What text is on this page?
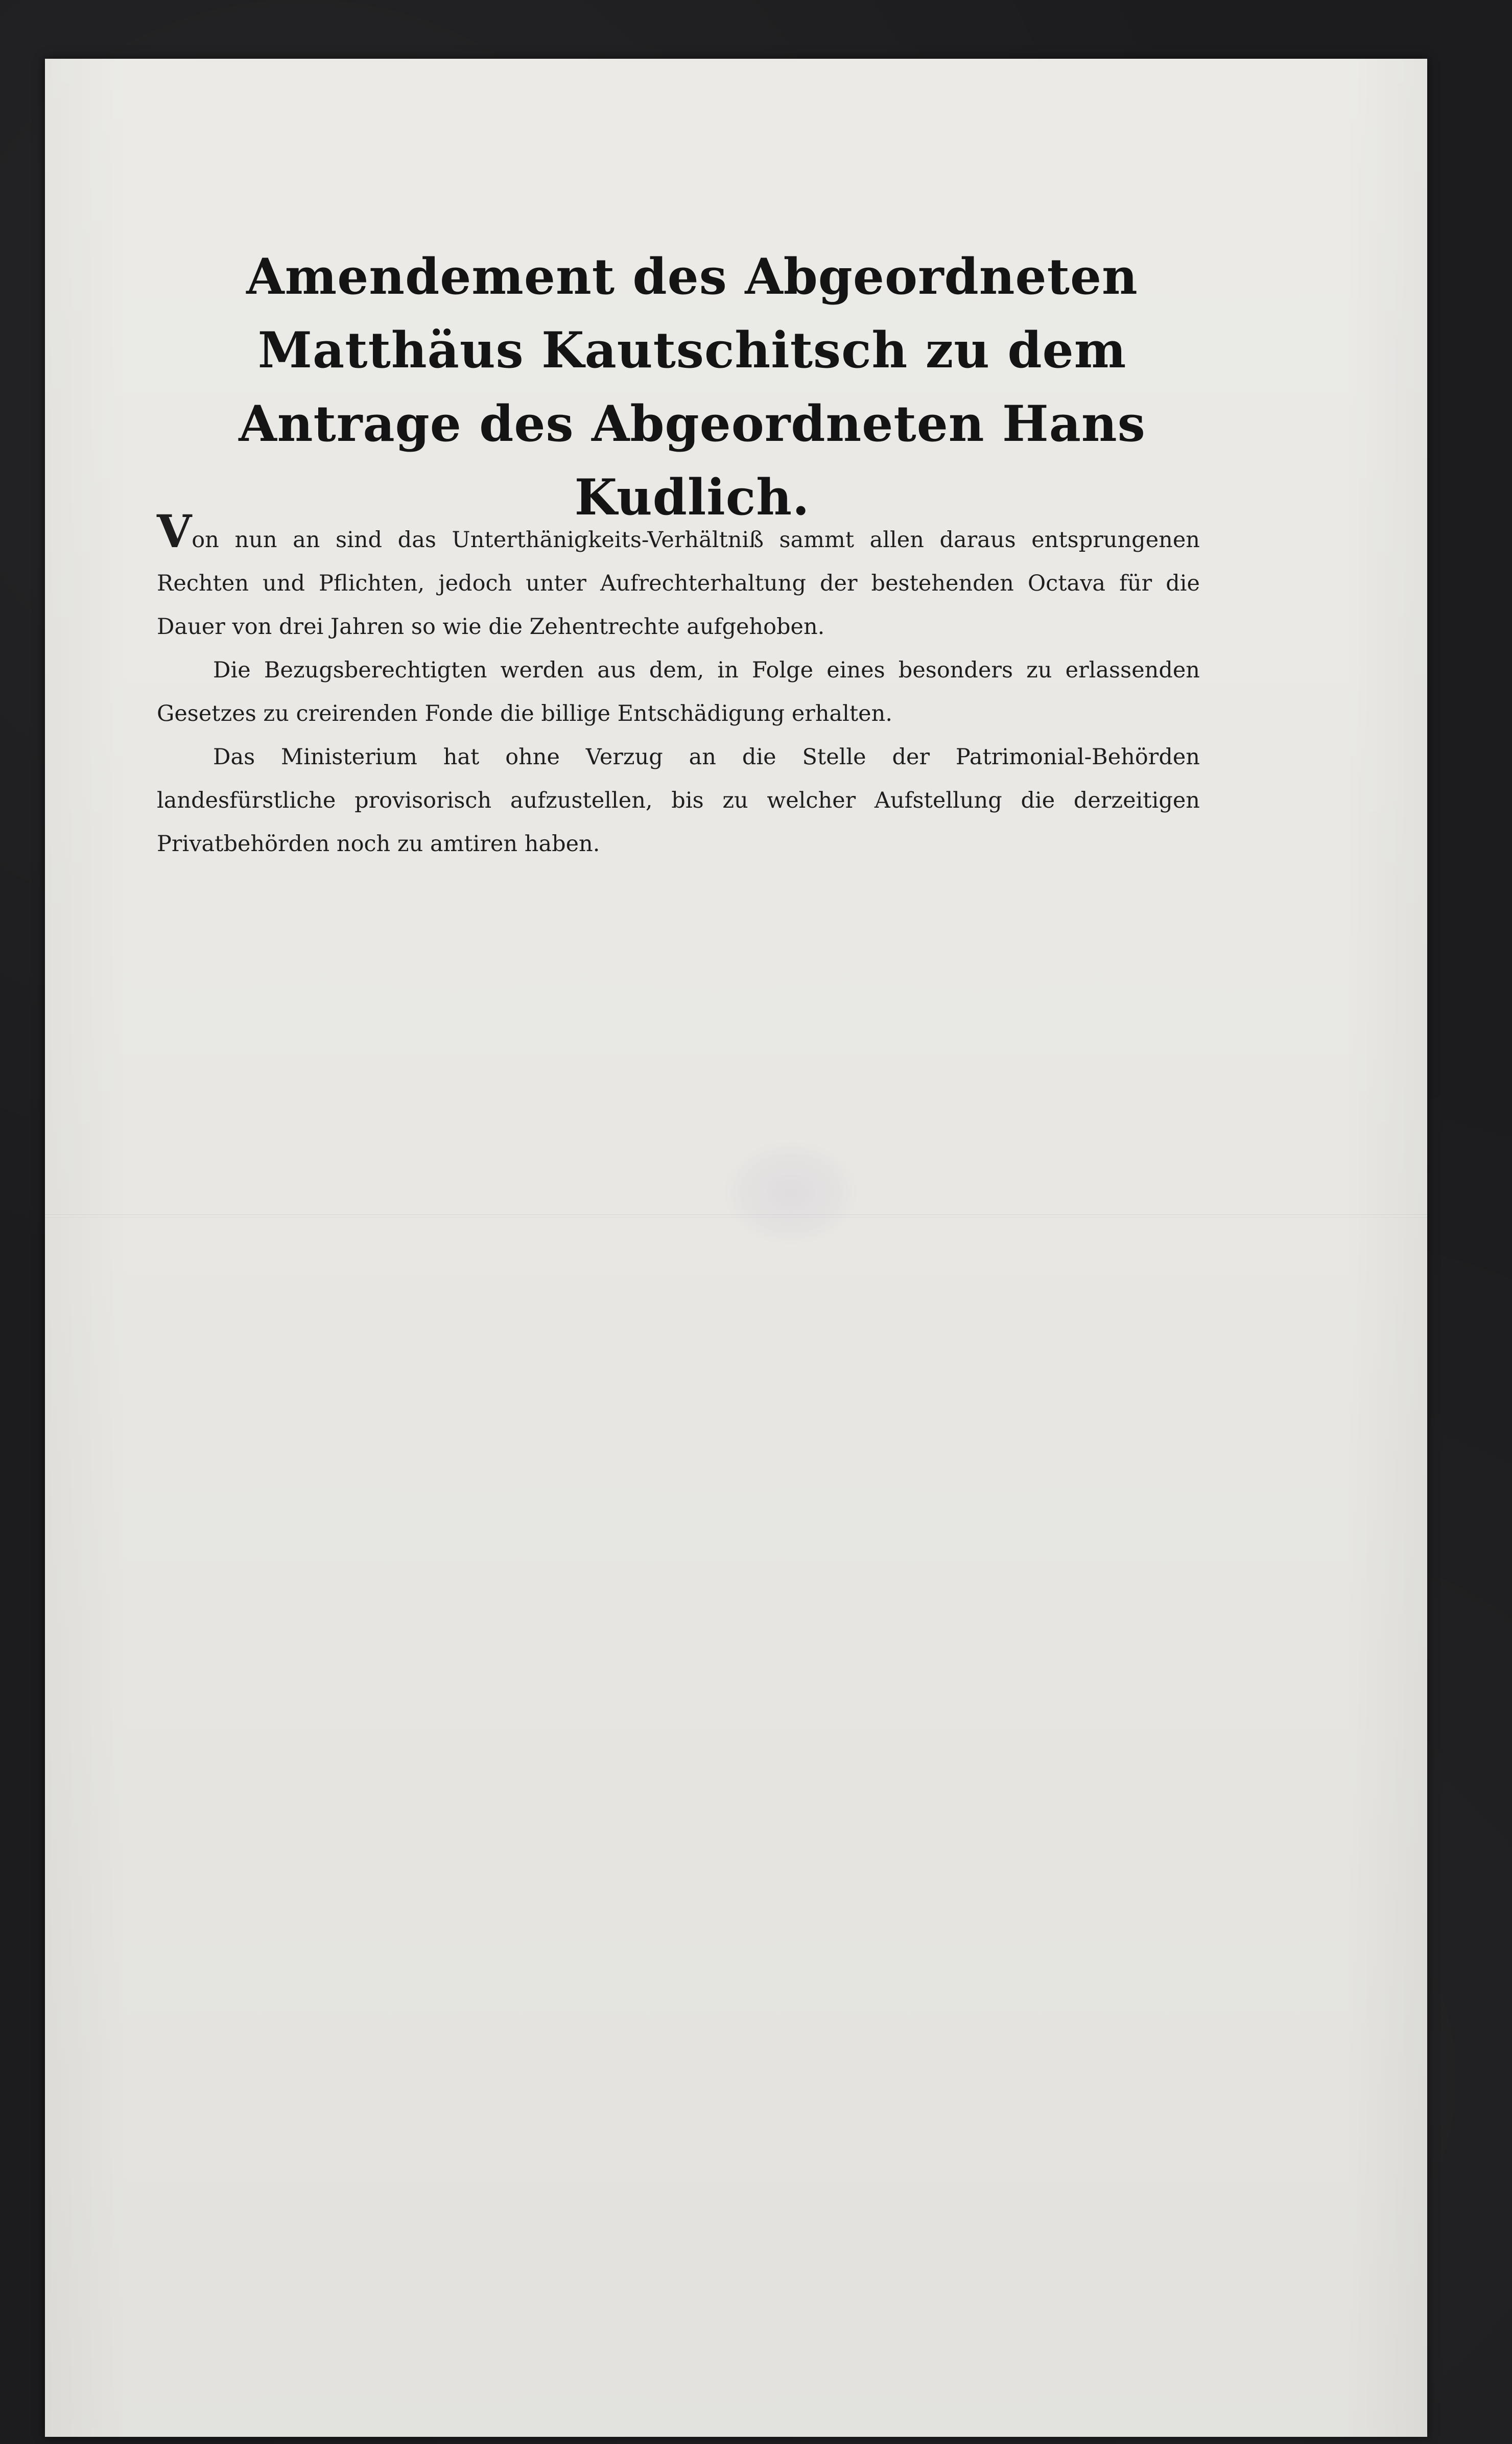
Amendement des Abgeordneten Matthäus Kautschitsch zu dem Antrage des Abgeordneten Hans Kudlich.

Von nun an sind das Unterthänigkeits-Verhältniß sammt allen daraus entsprungenen Rechten und Pflichten, jedoch unter Aufrechterhaltung der bestehenden Octava für die Dauer von drei Jahren so wie die Zehentrechte aufgehoben.

Die Bezugsberechtigten werden aus dem, in Folge eines besonders zu erlassenden Gesetzes zu creirenden Fonde die billige Entschädigung erhalten.

Das Ministerium hat ohne Verzug an die Stelle der Patrimonial-Behörden landesfürstliche provisorisch aufzustellen, bis zu welcher Aufstellung die derzeitigen Privatbehörden noch zu amtiren haben.
